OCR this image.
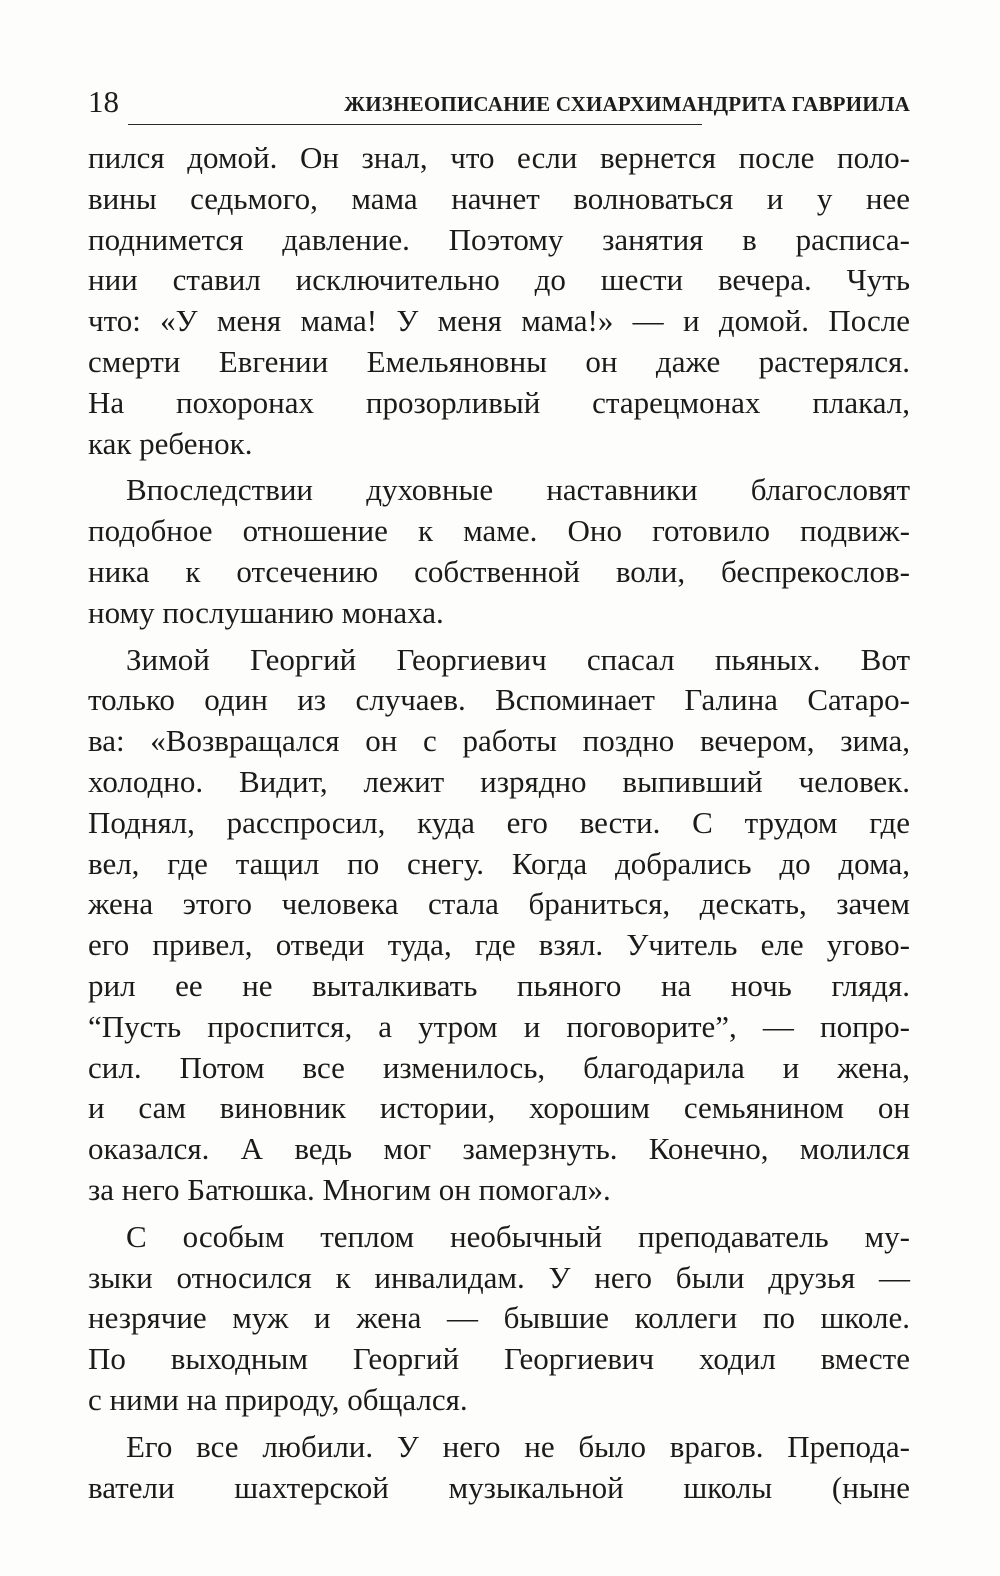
18	ЖИЗНЕОПИСАНИЕ СХИАРХИМАНДРИТА ГАВРИИЛА
пился домой. Он знал, что если вернется после поло-
вины седьмого, мама начнет волноваться и у нее
поднимется давление. Поэтому занятия в расписа-
нии ставил исключительно до шести вечера. Чуть
что: «У меня мама! У меня мама!» — и домой. После
смерти Евгении Емельяновны он даже растерялся.
На похоронах прозорливый старецмонах плакал,
как ребенок.
Впоследствии духовные наставники благословят
подобное отношение к маме. Оно готовило подвиж-
ника к отсечению собственной воли, беспрекослов-
ному послушанию монаха.
Зимой Георгий Георгиевич спасал пьяных. Вот
только один из случаев. Вспоминает Галина Сатаро-
ва: «Возвращался он с работы поздно вечером, зима,
холодно. Видит, лежит изрядно выпивший человек.
Поднял, расспросил, куда его вести. С трудом где
вел, где тащил по снегу. Когда добрались до дома,
жена этого человека стала браниться, дескать, зачем
его привел, отведи туда, где взял. Учитель еле угово-
рил ее не выталкивать пьяного на ночь глядя.
“Пусть проспится, а утром и поговорите”, — попро-
сил. Потом все изменилось, благодарила и жена,
и сам виновник истории, хорошим семьянином он
оказался. А ведь мог замерзнуть. Конечно, молился
за него Батюшка. Многим он помогал».
С особым теплом необычный преподаватель му-
зыки относился к инвалидам. У него были друзья —
незрячие муж и жена — бывшие коллеги по школе.
По выходным Георгий Георгиевич ходил вместе
с ними на природу, общался.
Его все любили. У него не было врагов. Препода-
ватели шахтерской музыкальной школы (ныне
